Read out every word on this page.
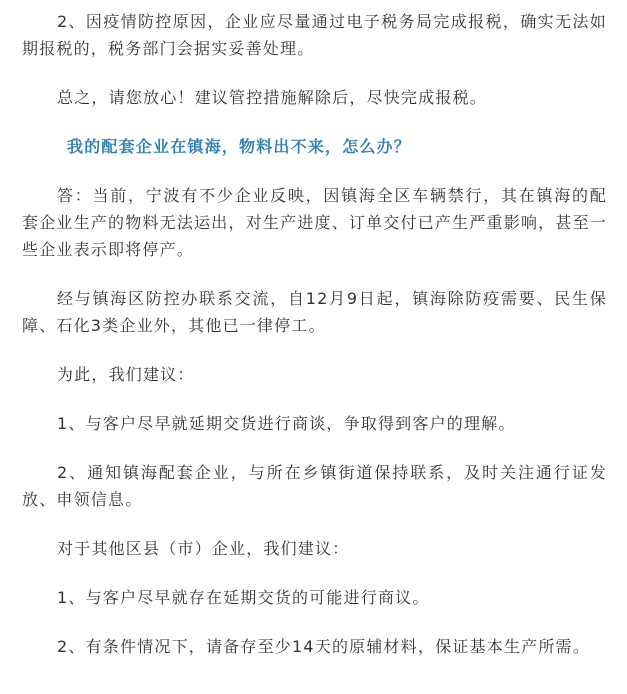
2、因疫情防控原因，企业应尽量通过电子税务局完成报税，确实无法如期报税的，税务部门会据实妥善处理。

总之，请您放心！建议管控措施解除后，尽快完成报税。

我的配套企业在镇海，物料出不来，怎么办？

答：当前，宁波有不少企业反映，因镇海全区车辆禁行，其在镇海的配套企业生产的物料无法运出，对生产进度、订单交付已产生严重影响，甚至一些企业表示即将停产。

经与镇海区防控办联系交流，自12月9日起，镇海除防疫需要、民生保障、石化3类企业外，其他已一律停工。

为此，我们建议：

1、与客户尽早就延期交货进行商谈，争取得到客户的理解。

2、通知镇海配套企业，与所在乡镇街道保持联系，及时关注通行证发放、申领信息。

对于其他区县（市）企业，我们建议：

1、与客户尽早就存在延期交货的可能进行商议。

2、有条件情况下，请备存至少14天的原辅材料，保证基本生产所需。
